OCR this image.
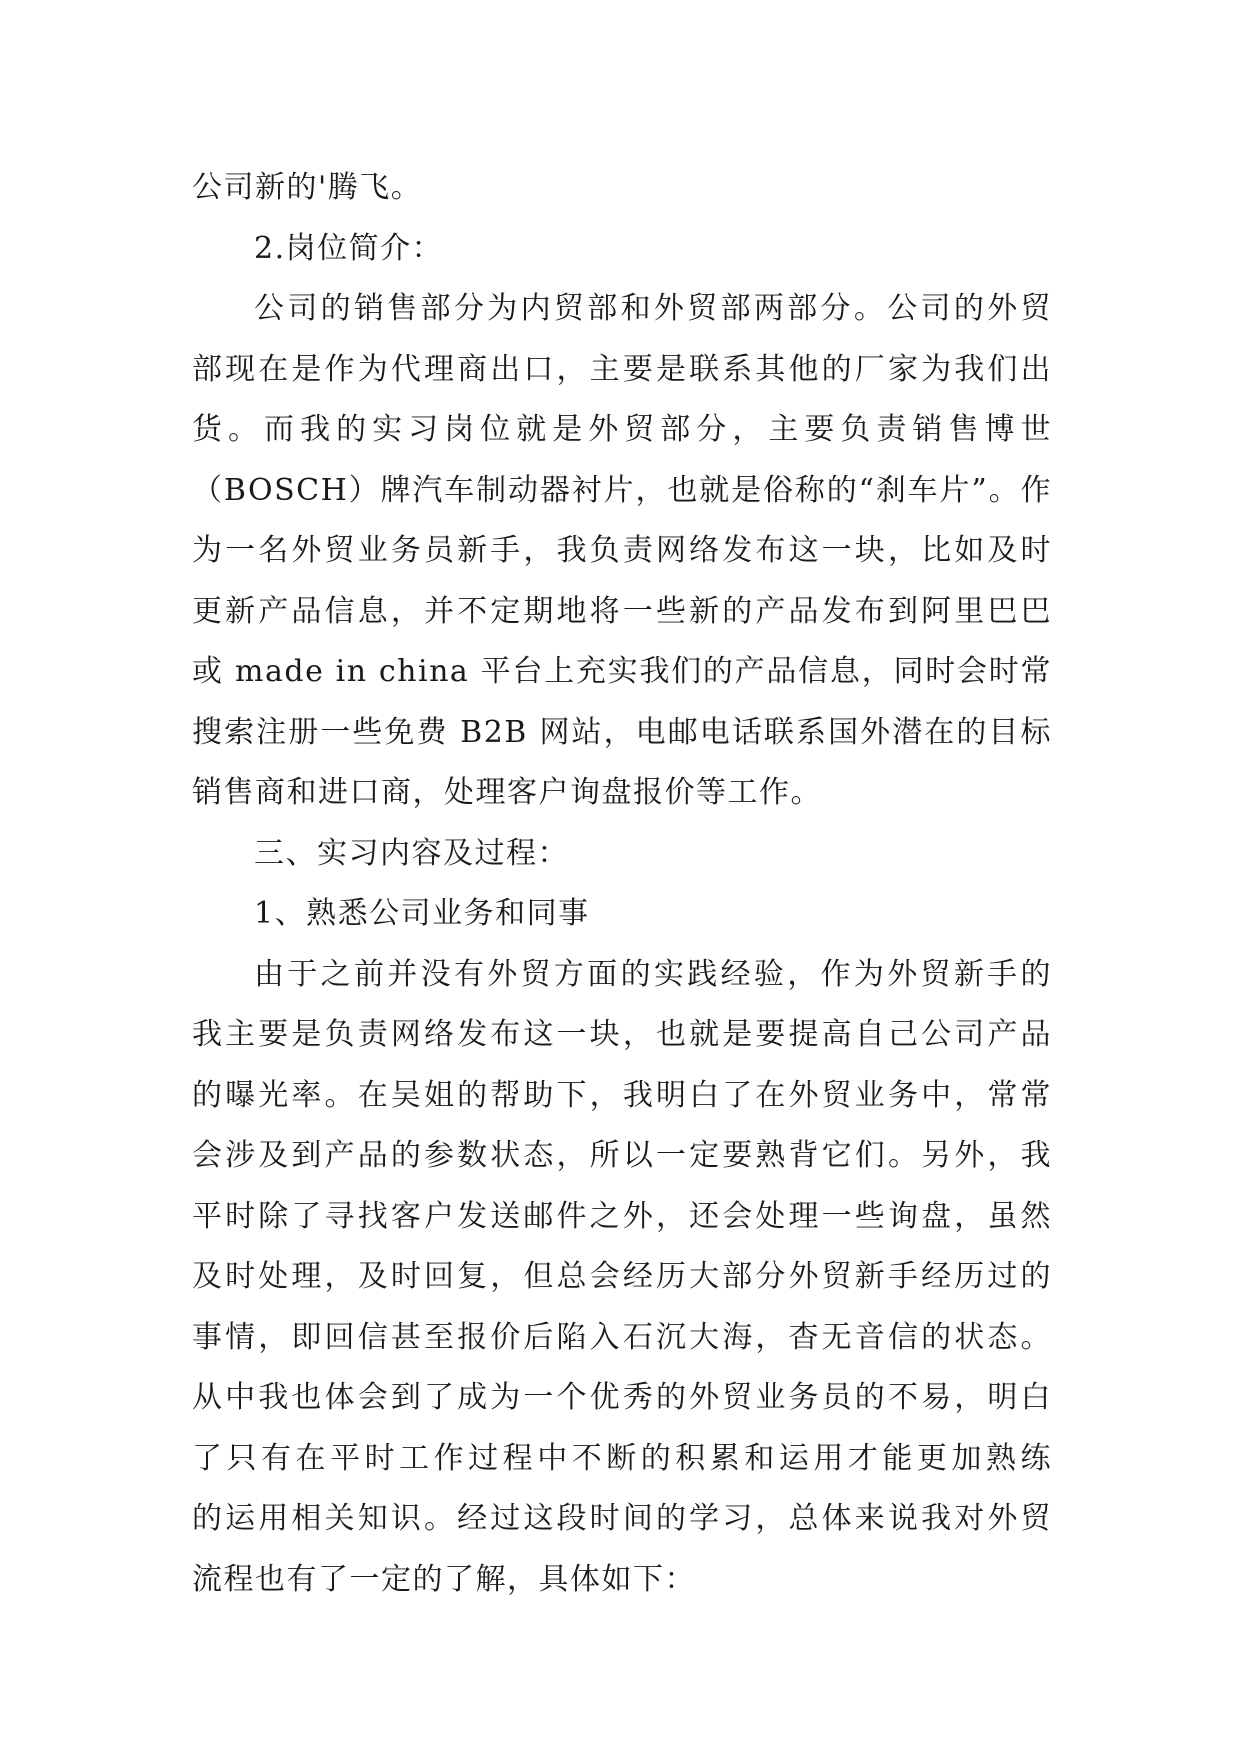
公司新的'腾飞。
2.岗位简介：
公司的销售部分为内贸部和外贸部两部分。公司的外贸
部现在是作为代理商出口，主要是联系其他的厂家为我们出
货。而我的实习岗位就是外贸部分，主要负责销售博世
（BOSCH）牌汽车制动器衬片，也就是俗称的“刹车片”。作
为一名外贸业务员新手，我负责网络发布这一块，比如及时
更新产品信息，并不定期地将一些新的产品发布到阿里巴巴
或 made in china 平台上充实我们的产品信息，同时会时常
搜索注册一些免费 B2B 网站，电邮电话联系国外潜在的目标
销售商和进口商，处理客户询盘报价等工作。
三、实习内容及过程：
1、熟悉公司业务和同事
由于之前并没有外贸方面的实践经验，作为外贸新手的
我主要是负责网络发布这一块，也就是要提高自己公司产品
的曝光率。在吴姐的帮助下，我明白了在外贸业务中，常常
会涉及到产品的参数状态，所以一定要熟背它们。另外，我
平时除了寻找客户发送邮件之外，还会处理一些询盘，虽然
及时处理，及时回复，但总会经历大部分外贸新手经历过的
事情，即回信甚至报价后陷入石沉大海，杳无音信的状态。
从中我也体会到了成为一个优秀的外贸业务员的不易，明白
了只有在平时工作过程中不断的积累和运用才能更加熟练
的运用相关知识。经过这段时间的学习，总体来说我对外贸
流程也有了一定的了解，具体如下：
